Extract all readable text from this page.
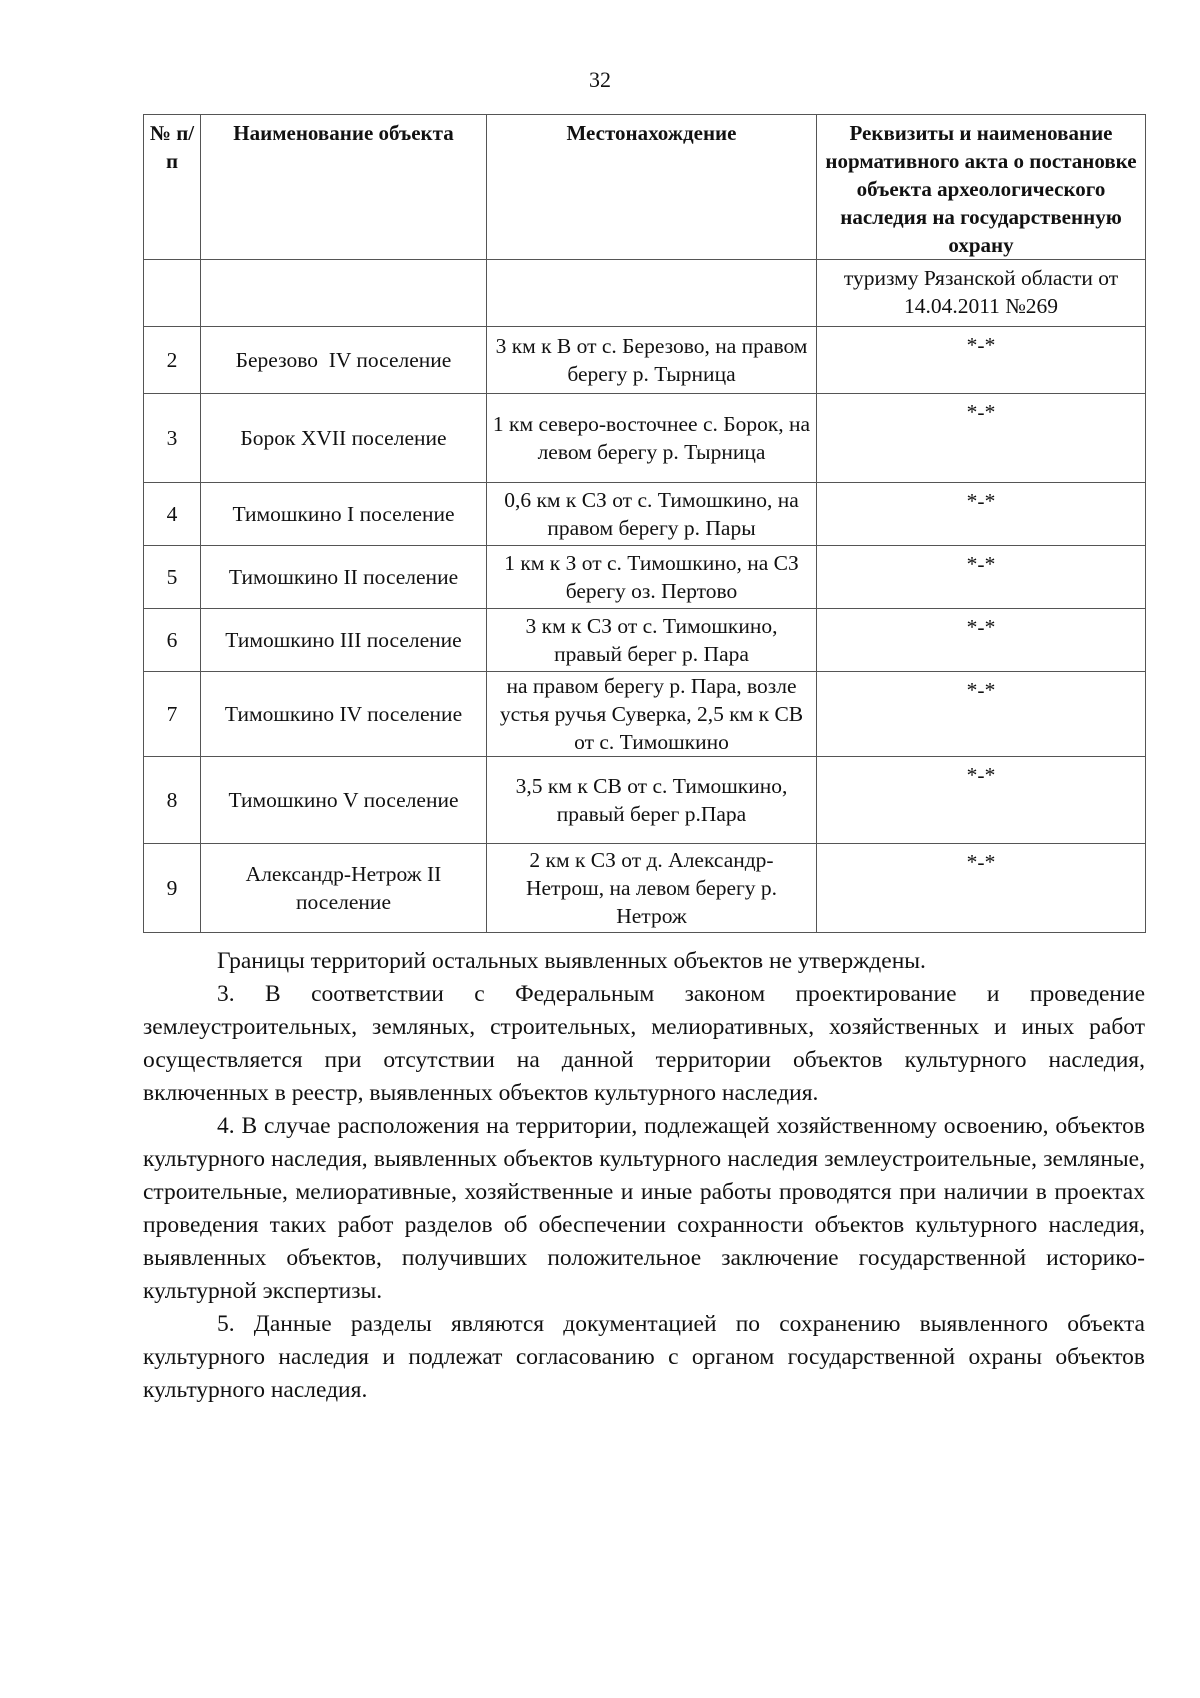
32
№ п/п	Наименование объекта	Местонахождение	Реквизиты и наименование нормативного акта о постановке объекта археологического наследия на государственную охрану
			туризму Рязанской области от 14.04.2011 №269
2	Березово  IV поселение	3 км к В от с. Березово, на правом берегу р. Тырница	*-*
3	Борок XVII поселение	1 км северо-восточнее с. Борок, на левом берегу р. Тырница	*-*
4	Тимошкино I поселение	0,6 км к СЗ от с. Тимошкино, на правом берегу р. Пары	*-*
5	Тимошкино II поселение	1 км к З от с. Тимошкино, на СЗ берегу оз. Пертово	*-*
6	Тимошкино III поселение	3 км к СЗ от с. Тимошкино, правый берег р. Пара	*-*
7	Тимошкино IV поселение	на правом берегу р. Пара, возле устья ручья Суверка, 2,5 км к СВ от с. Тимошкино	*-*
8	Тимошкино V поселение	3,5 км к СВ от с. Тимошкино, правый берег р.Пара	*-*
9	Александр-Нетрож II поселение	2 км к СЗ от д. Александр-Нетрош, на левом берегу р. Нетрож	*-*

Границы территорий остальных выявленных объектов не утверждены.

3. В соответствии с Федеральным законом проектирование и проведение землеустроительных, земляных, строительных, мелиоративных, хозяйственных и иных работ осуществляется при отсутствии на данной территории объектов культурного наследия, включенных в реестр, выявленных объектов культурного наследия.

4. В случае расположения на территории, подлежащей хозяйственному освоению, объектов культурного наследия, выявленных объектов культурного наследия землеустроительные, земляные, строительные, мелиоративные, хозяйственные и иные работы проводятся при наличии в проектах проведения таких работ разделов об обеспечении сохранности объектов культурного наследия, выявленных объектов, получивших положительное заключение государственной историко-культурной экспертизы.

5. Данные разделы являются документацией по сохранению выявленного объекта культурного наследия и подлежат согласованию с органом государственной охраны объектов культурного наследия.
